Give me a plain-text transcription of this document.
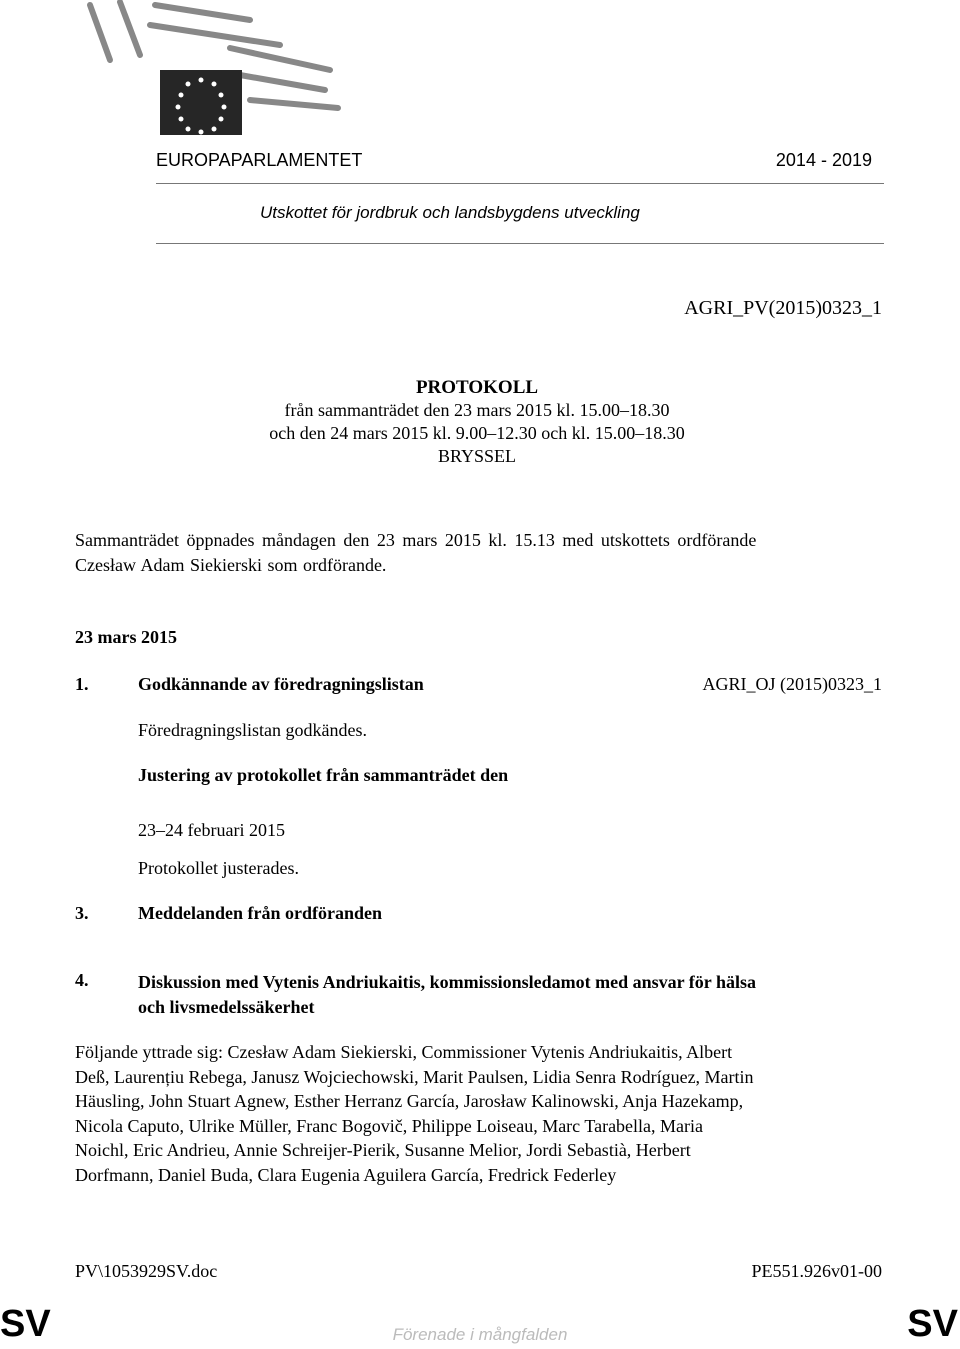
EUROPAPARLAMENTET	2014 - 2019
Utskottet för jordbruk och landsbygdens utveckling
AGRI_PV(2015)0323_1
PROTOKOLL
från sammanträdet den 23 mars 2015 kl. 15.00–18.30
och den 24 mars 2015 kl. 9.00–12.30 och kl. 15.00–18.30
BRYSSEL
Sammanträdet öppnades måndagen den 23 mars 2015 kl. 15.13 med utskottets ordförande
Czesław Adam Siekierski som ordförande.
23 mars 2015
1.	Godkännande av föredragningslistan	AGRI_OJ (2015)0323_1
Föredragningslistan godkändes.
Justering av protokollet från sammanträdet den
23–24 februari 2015
Protokollet justerades.
3.	Meddelanden från ordföranden
4.	Diskussion med Vytenis Andriukaitis, kommissionsledamot med ansvar för hälsa
och livsmedelssäkerhet
Följande yttrade sig: Czesław Adam Siekierski, Commissioner Vytenis Andriukaitis, Albert
Deß, Laurențiu Rebega, Janusz Wojciechowski, Marit Paulsen, Lidia Senra Rodríguez, Martin
Häusling, John Stuart Agnew, Esther Herranz García, Jarosław Kalinowski, Anja Hazekamp,
Nicola Caputo, Ulrike Müller, Franc Bogovič, Philippe Loiseau, Marc Tarabella, Maria
Noichl, Eric Andrieu, Annie Schreijer-Pierik, Susanne Melior, Jordi Sebastià, Herbert
Dorfmann, Daniel Buda, Clara Eugenia Aguilera García, Fredrick Federley
PV\1053929SV.doc	PE551.926v01-00
SV	SV
Förenade i mångfalden
